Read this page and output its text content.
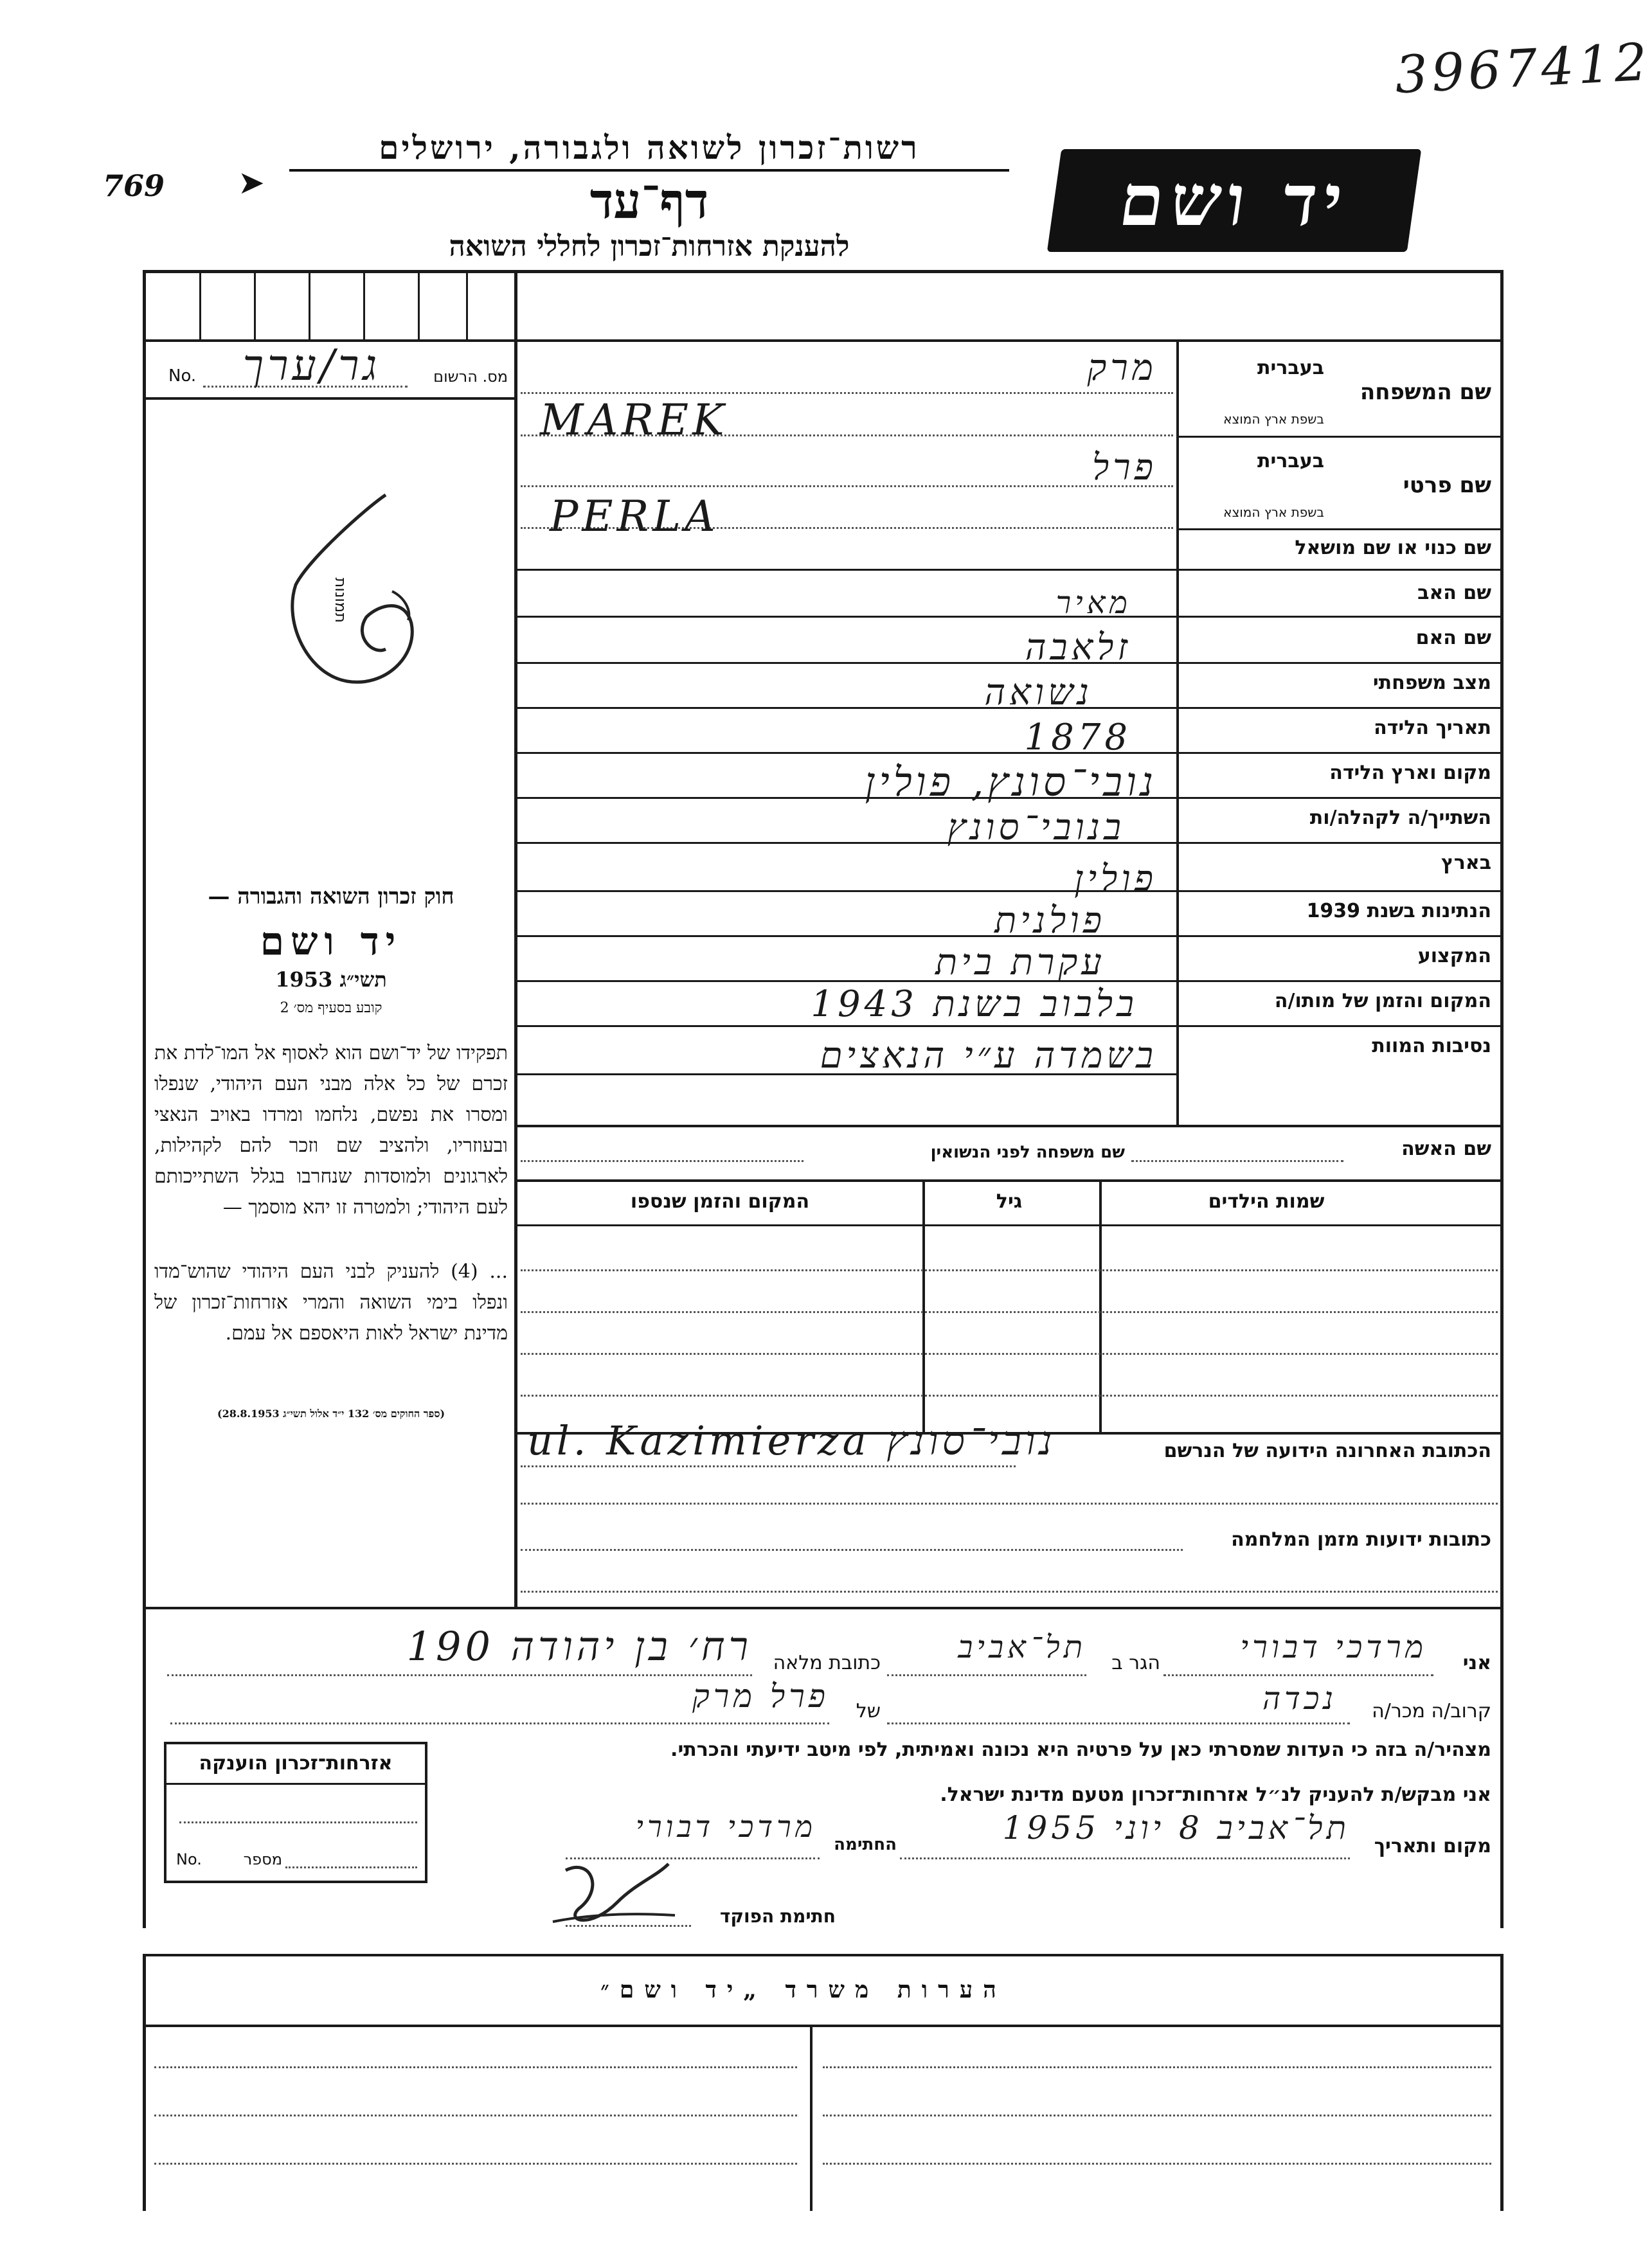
3967412
769 ➤
רשות־זכרון לשואה ולגבורה, ירושלים
דף־עד
להענקת אזרחות־זכרון לחללי השואה
יד ושם
מס. הרשום
No.	גר/ערך
תמונות
בעברית
שם המשפחה
בשפת ארץ המוצא
בעברית
שם פרטי
בשפת ארץ המוצא
שם כנוי או שם מושאל
שם האב
שם האם
מצב משפחתי
תאריך הלידה
מקום וארץ הלידה
השתייך/ה לקהלה/ות
בארץ
הנתינות בשנת 1939
המקצוע
המקום והזמן של מותו/ה
נסיבות המוות
מרק
MAREK
פרל
PERLA
מאיר
זלאבה
נשואה
1878
נובי־סונץ, פולין
בנובי־סונץ
פולין
פולנית
עקרת בית
בלבוב בשנת 1943
בשמדה ע״י הנאצים
שם האשה
שם משפחה לפני הנשואין
שמות הילדים
גיל
המקום והזמן שנספו
חוק זכרון השואה והגבורה —
יד ושם
תשי״ג 1953
קובע בסעיף מס׳ 2
תפקידו של יד־ושם הוא לאסוף אל המו־לדת את זכרם של כל אלה מבני העם היהודי, שנפלו ומסרו את נפשם, נלחמו ומרדו באויב הנאצי ובעוזריו, ולהציב שם וזכר להם לקהילות, לארגונים ולמוסדות שנחרבו בגלל השתייכותם לעם היהודי; ולמטרה זו יהא מוסמך —
... (4) להעניק לבני העם היהודי שהוש־מדו ונפלו בימי השואה והמרי אזרחות־זכרון של מדינת ישראל לאות היאספם אל עמם.
(ספר החוקים מס׳ 132 י״ד אלול תשי״ג 28.8.1953)
הכתובת האחרונה הידועה של הנרשם
ul. Kazimierza נובי־סונץ
כתובות ידועות מזמן המלחמה
אני
מרדכי דבורי
הגר ב
תל־אביב
כתובת מלאה
רח׳ בן יהודה 190
קרוב/ה מכר/ה
נכדה
של
פרל מרק
מצהיר/ה בזה כי העדות שמסרתי כאן על פרטיה היא נכונה ואמיתית, לפי מיטב ידיעתי והכרתי.
אני מבקש/ת להעניק לנ״ל אזרחות־זכרון מטעם מדינת ישראל.
מקום ותאריך
תל־אביב 8 יוני 1955
החתימה
מרדכי דבורי
חתימת הפוקד
אזרחות־זכרון הוענקה
No.	מספר
הערות משרד „יד ושם״
